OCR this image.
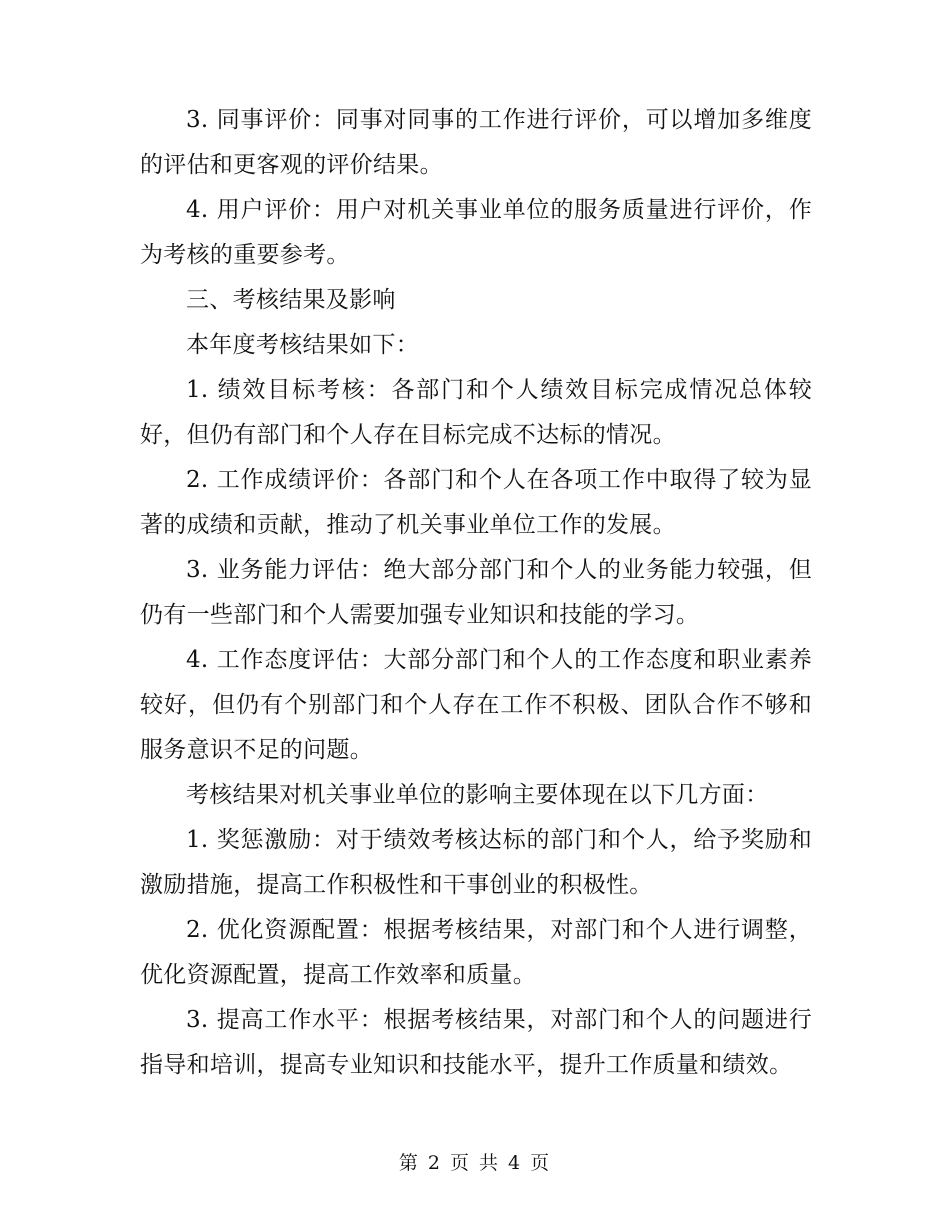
3. 同事评价：同事对同事的工作进行评价，可以增加多维度的评估和更客观的评价结果。

4. 用户评价：用户对机关事业单位的服务质量进行评价，作为考核的重要参考。

三、考核结果及影响

本年度考核结果如下：

1. 绩效目标考核：各部门和个人绩效目标完成情况总体较好，但仍有部门和个人存在目标完成不达标的情况。

2. 工作成绩评价：各部门和个人在各项工作中取得了较为显著的成绩和贡献，推动了机关事业单位工作的发展。

3. 业务能力评估：绝大部分部门和个人的业务能力较强，但仍有一些部门和个人需要加强专业知识和技能的学习。

4. 工作态度评估：大部分部门和个人的工作态度和职业素养较好，但仍有个别部门和个人存在工作不积极、团队合作不够和服务意识不足的问题。

考核结果对机关事业单位的影响主要体现在以下几方面：

1. 奖惩激励：对于绩效考核达标的部门和个人，给予奖励和激励措施，提高工作积极性和干事创业的积极性。

2. 优化资源配置：根据考核结果，对部门和个人进行调整，优化资源配置，提高工作效率和质量。

3. 提高工作水平：根据考核结果，对部门和个人的问题进行指导和培训，提高专业知识和技能水平，提升工作质量和绩效。

第 2 页 共 4 页
